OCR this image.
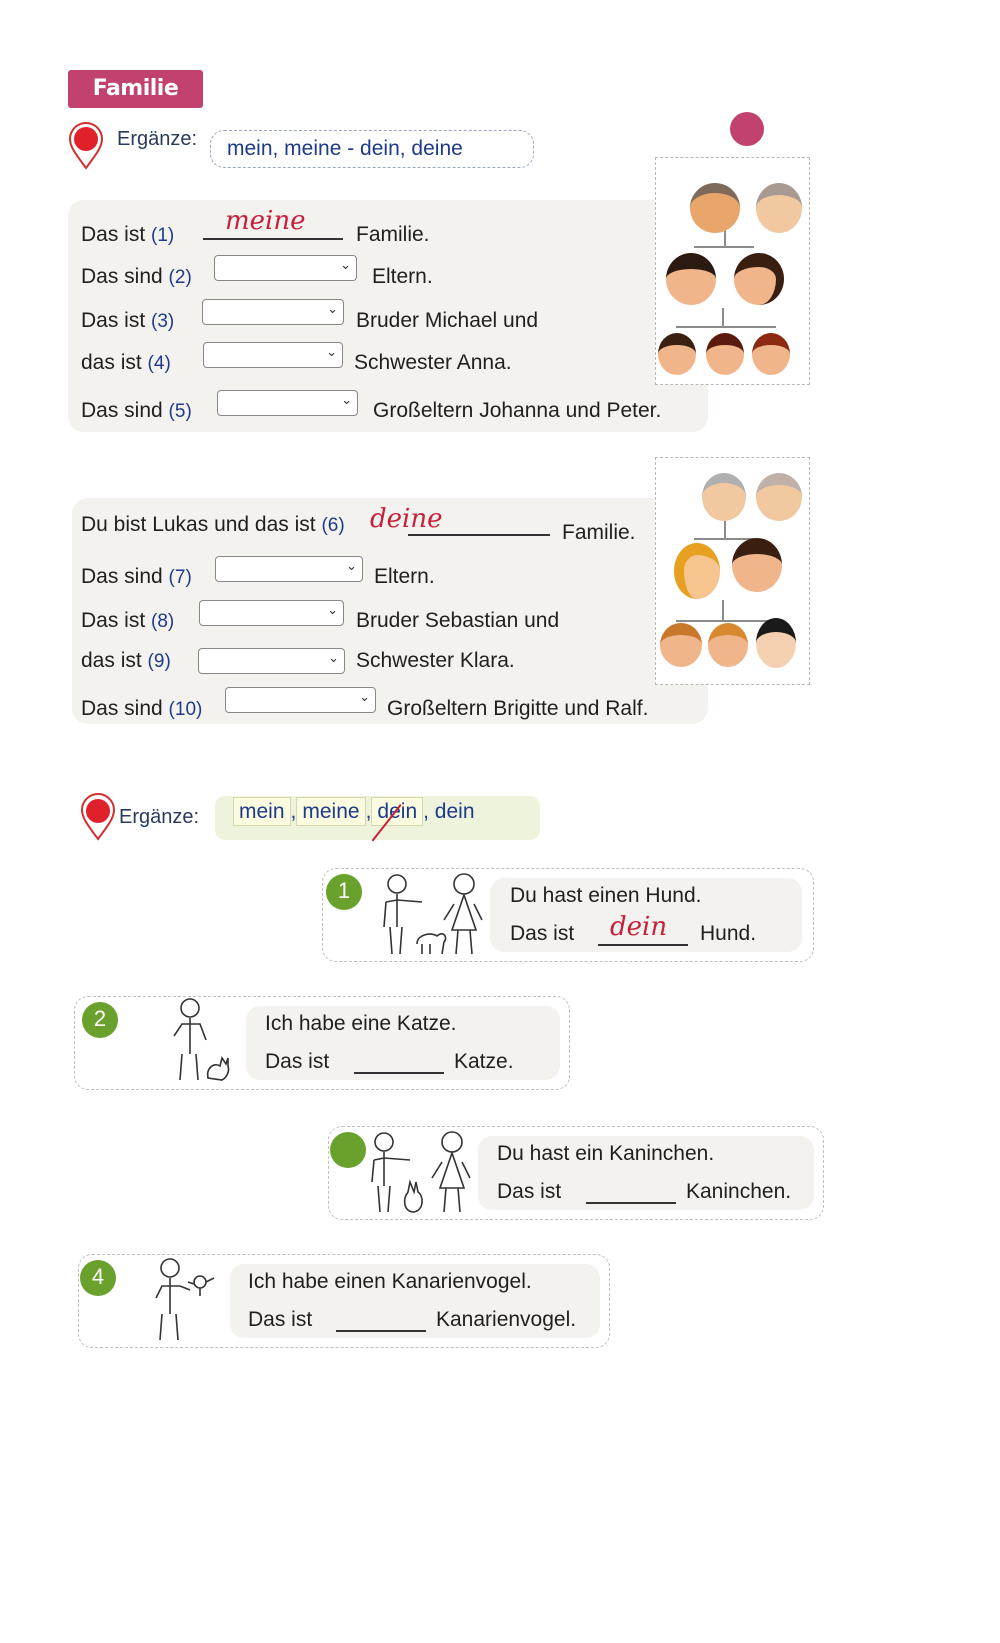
Familie
Ergänze:	mein, meine - dein, deine
Das ist (1) meine Familie.
Das sind (2)
⌄
Eltern.
Das ist (3)
⌄
Bruder Michael und
das ist (4)
⌄ Schwester Anna.
Das sind (5)
⌄ Großeltern Johanna und Peter.
Du bist Lukas und das ist (6) deine	Familie.
Das sind (7)
⌄ Eltern.
Das ist (8)
⌄ Bruder Sebastian und
das ist (9)	⌄ Schwester Klara.
Das sind (10)
⌄
Großeltern Brigitte und Ralf.
Ergänze: mein , meine , dein , dein
1	Du hast einen Hund.
Das ist dein Hund.
2	Ich habe eine Katze.
Das ist	Katze.
Du hast ein Kaninchen.
Das ist	Kaninchen.
4	Ich habe einen Kanarienvogel.
Das ist	Kanarienvogel.
